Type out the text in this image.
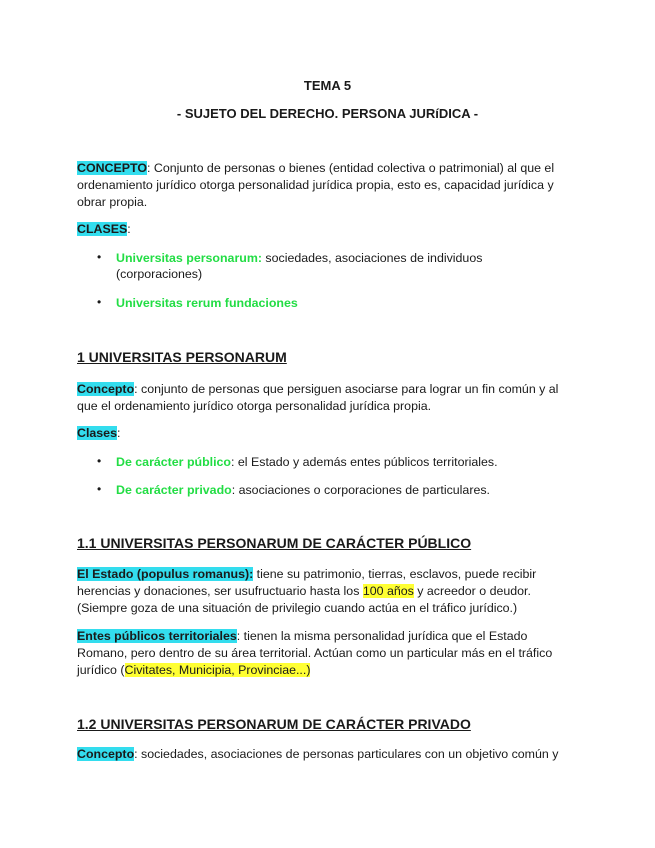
TEMA 5
- SUJETO DEL DERECHO. PERSONA JURíDICA -
CONCEPTO: Conjunto de personas o bienes (entidad colectiva o patrimonial) al que el
ordenamiento jurídico otorga personalidad jurídica propia, esto es, capacidad jurídica y
obrar propia.
CLASES:
• Universitas personarum: sociedades, asociaciones de individuos
(corporaciones)
• Universitas rerum fundaciones
1 UNIVERSITAS PERSONARUM
Concepto: conjunto de personas que persiguen asociarse para lograr un fin común y al
que el ordenamiento jurídico otorga personalidad jurídica propia.
Clases:
• De carácter público: el Estado y además entes públicos territoriales.
• De carácter privado: asociaciones o corporaciones de particulares.
1.1 UNIVERSITAS PERSONARUM DE CARÁCTER PÚBLICO
El Estado (populus romanus): tiene su patrimonio, tierras, esclavos, puede recibir
herencias y donaciones, ser usufructuario hasta los 100 años y acreedor o deudor.
(Siempre goza de una situación de privilegio cuando actúa en el tráfico jurídico.)
Entes públicos territoriales: tienen la misma personalidad jurídica que el Estado
Romano, pero dentro de su área territorial. Actúan como un particular más en el tráfico
jurídico (Civitates, Municipia, Provinciae...)
1.2 UNIVERSITAS PERSONARUM DE CARÁCTER PRIVADO
Concepto: sociedades, asociaciones de personas particulares con un objetivo común y
